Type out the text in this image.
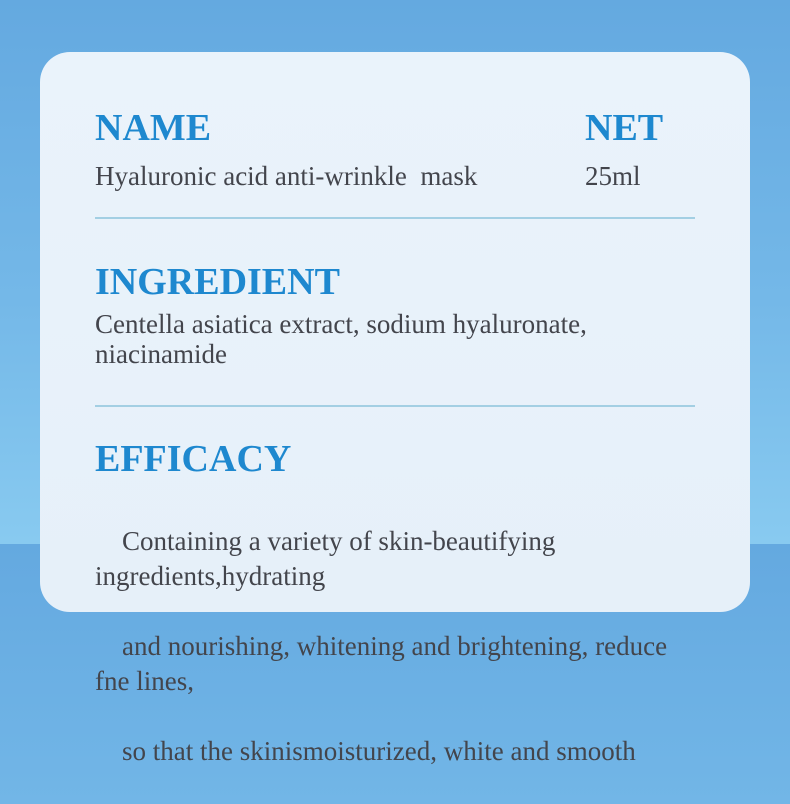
NAME	NET

Hyaluronic acid anti-wrinkle  mask	25ml

INGREDIENT

Centella asiatica extract, sodium hyaluronate, niacinamide

EFFICACY

Containing a variety of skin-beautifying ingredients,hydrating

and nourishing, whitening and brightening, reduce fne lines,

so that the skinismoisturized, white and smooth
